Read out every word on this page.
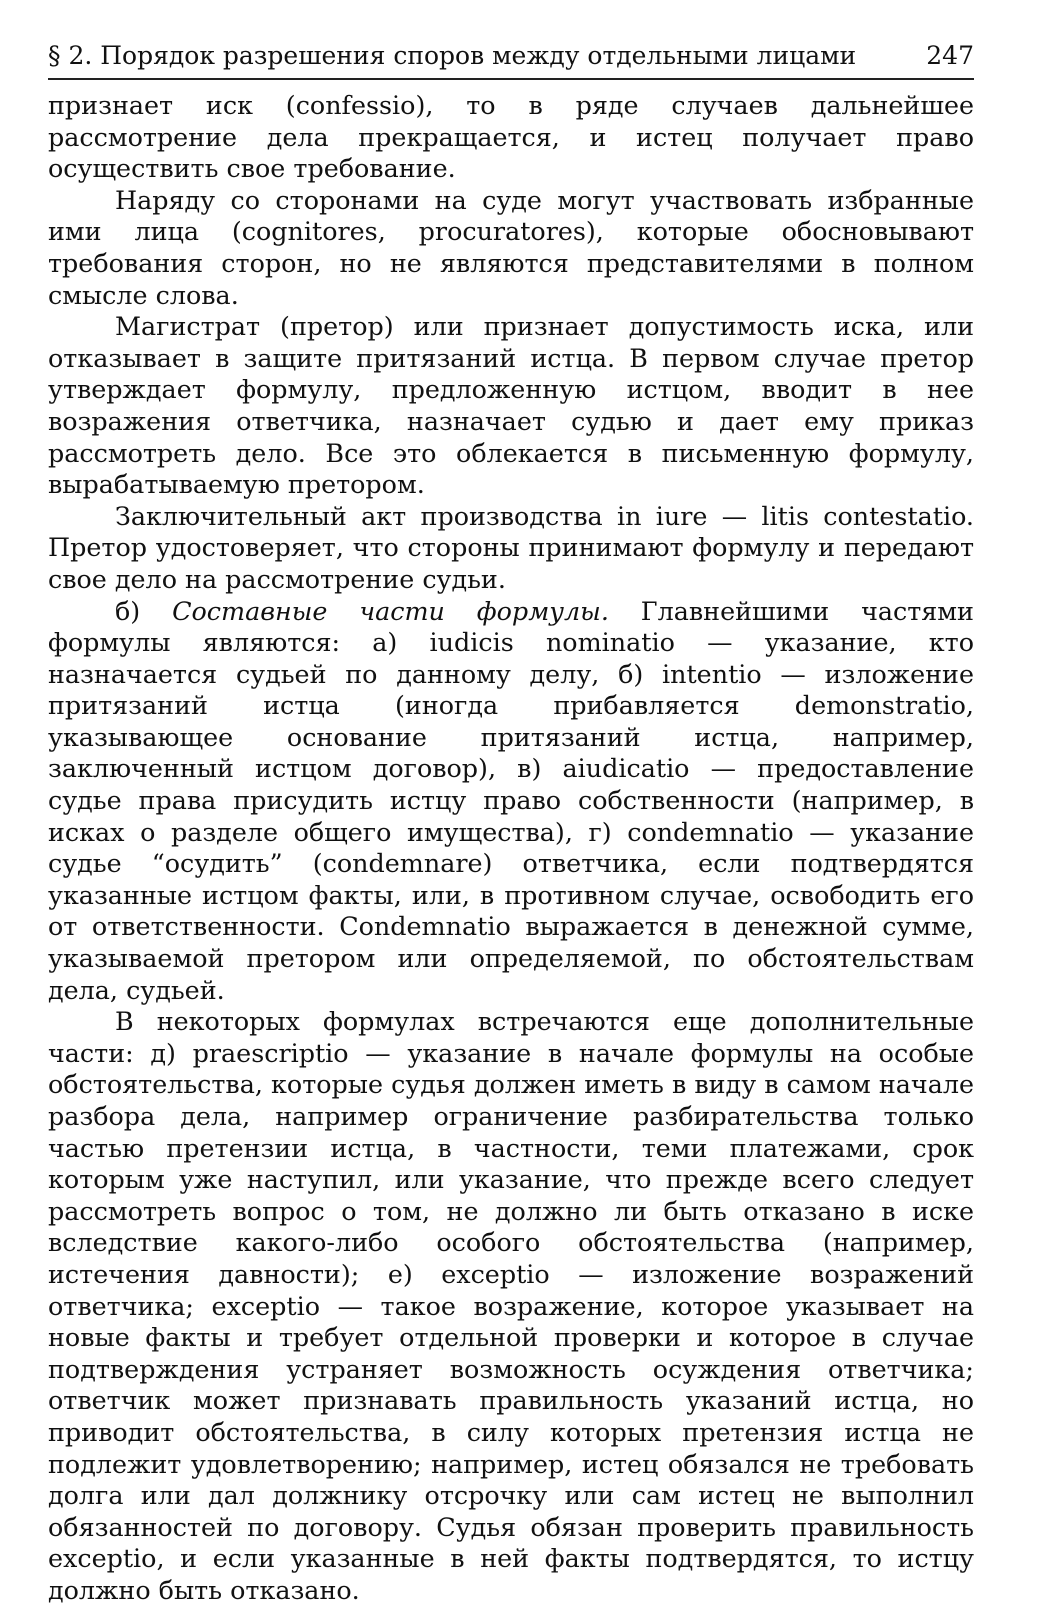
§ 2. Порядок разрешения споров между отдельными лицами	247

признает иск (confessio), то в ряде случаев дальнейшее рассмотрение дела прекращается, и истец получает право осуществить свое требование.

Наряду со сторонами на суде могут участвовать избранные ими лица (cognitores, procuratores), которые обосновывают требования сторон, но не являются представителями в полном смысле слова.

Магистрат (претор) или признает допустимость иска, или отказывает в защите притязаний истца. В первом случае претор утверждает формулу, предложенную истцом, вводит в нее возражения ответчика, назначает судью и дает ему приказ рассмотреть дело. Все это облекается в письменную формулу, вырабатываемую претором.

Заключительный акт производства in iure — litis contestatio. Претор удостоверяет, что стороны принимают формулу и передают свое дело на рассмотрение судьи.

б) Составные части формулы. Главнейшими частями формулы являются: а) iudicis nominatio — указание, кто назначается судьей по данному делу, б) intentio — изложение притязаний истца (иногда прибавляется demonstratio, указывающее основание притязаний истца, например, заключенный истцом договор), в) aiudicatio — предоставление судье права присудить истцу право собственности (например, в исках о разделе общего имущества), г) condemnatio — указание судье “осудить” (condemnare) ответчика, если подтвердятся указанные истцом факты, или, в противном случае, освободить его от ответственности. Condemnatio выражается в денежной сумме, указываемой претором или определяемой, по обстоятельствам дела, судьей.

В некоторых формулах встречаются еще дополнительные части: д) praescriptio — указание в начале формулы на особые обстоятельства, которые судья должен иметь в виду в самом начале разбора дела, например ограничение разбирательства только частью претензии истца, в частности, теми платежами, срок которым уже наступил, или указание, что прежде всего следует рассмотреть вопрос о том, не должно ли быть отказано в иске вследствие какого-либо особого обстоятельства (например, истечения давности); е) exceptio — изложение возражений ответчика; exceptio — такое возражение, которое указывает на новые факты и требует отдельной проверки и которое в случае подтверждения устраняет возможность осуждения ответчика; ответчик может признавать правильность указаний истца, но приводит обстоятельства, в силу которых претензия истца не подлежит удовлетворению; например, истец обязался не требовать долга или дал должнику отсрочку или сам истец не выполнил обязанностей по договору. Судья обязан проверить правильность exceptio, и если указанные в ней факты подтвердятся, то истцу должно быть отказано.
